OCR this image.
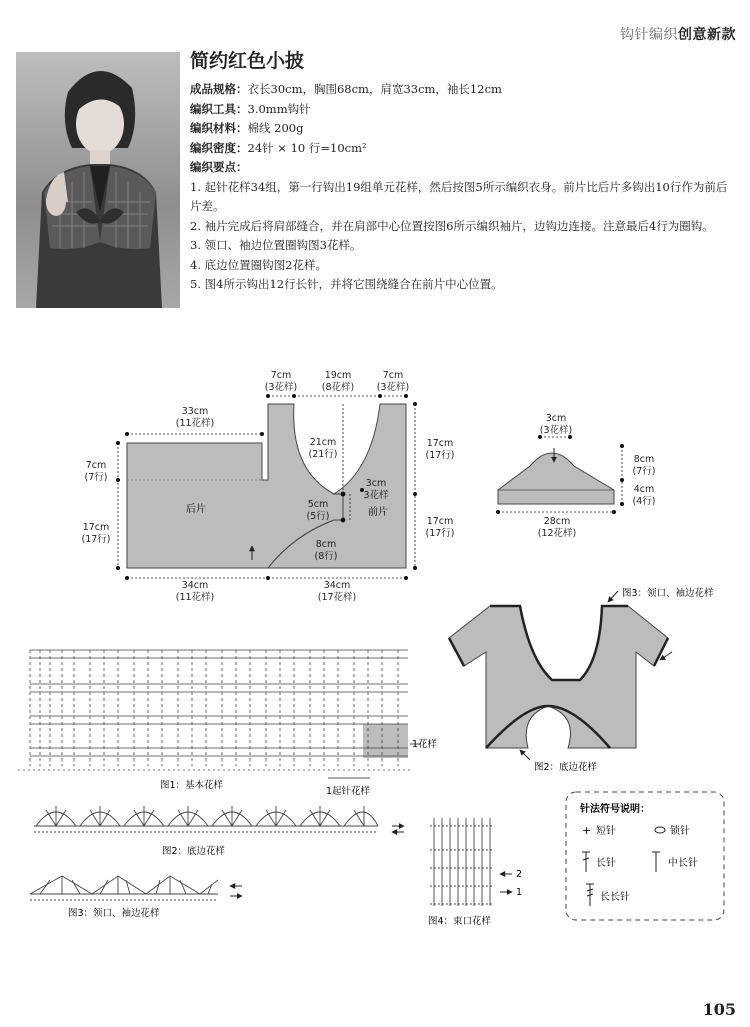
钩针编织创意新款
简约红色小披

成品规格：衣长30cm，胸围68cm，肩宽33cm，袖长12cm

编织工具：3.0mm钩针

编织材料：棉线 200g

编织密度：24针 × 10 行=10cm²

编织要点：

1. 起针花样34组，第一行钩出19组单元花样，然后按图5所示编织衣身。前片比后片多钩出10行作为前后片差。

2. 袖片完成后将肩部缝合，并在肩部中心位置按图6所示编织袖片，边钩边连接。注意最后4行为圈钩。

3. 领口、袖边位置圈钩图3花样。

4. 底边位置圈钩图2花样。

5. 图4所示钩出12行长针，并将它围绕缝合在前片中心位置。

后片	前片
33cm
(11花样)
7cm
(7行)
17cm
(17行)
34cm
(11花样)
34cm
(17花样)
7cm
(3花样)
19cm
(8花样)
7cm
(3花样)
21cm
(21行)
5cm
(5行)
3cm
3花样
8cm
(8行)
17cm
(17行)
17cm
(17行)
3cm
(3花样)
8cm
(7行)
4cm
(4行)
28cm
(12花样)
图3：领口、袖边花样
图2：底边花样
图1：基本花样
1花样
1起针花样
图2：底边花样
图3：领口、袖边花样
2
1
图4：束口花样
针法符号说明：
+ 短针	锁针
长针	中长针
长长针
105
